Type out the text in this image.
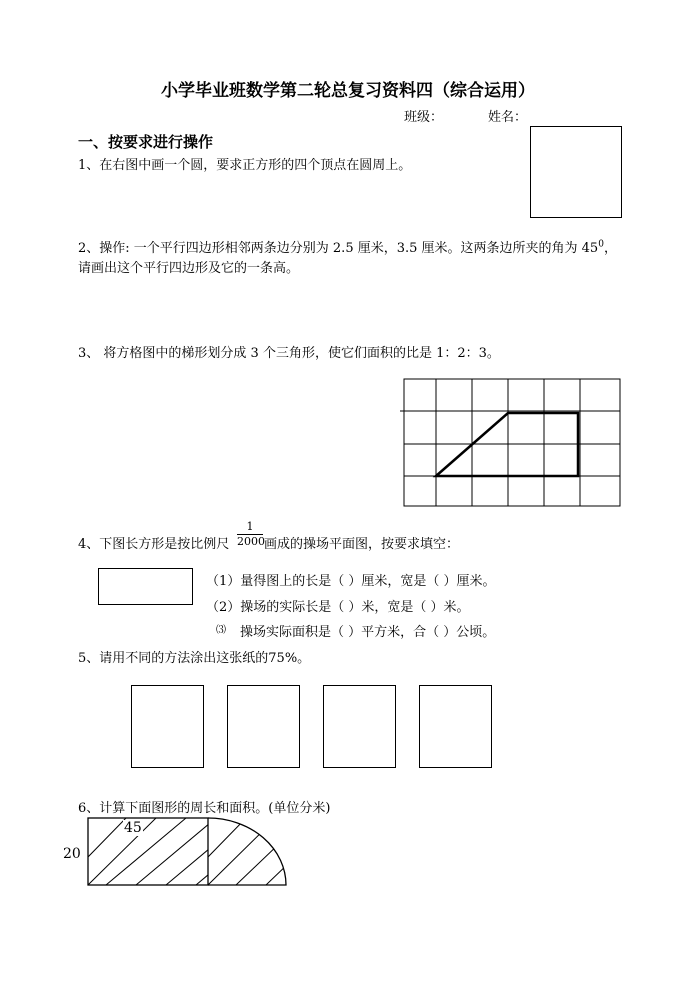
小学毕业班数学第二轮总复习资料四（综合运用）
班级：	姓名：
一、按要求进行操作
1、在右图中画一个圆，要求正方形的四个顶点在圆周上。
2、操作: 一个平行四边形相邻两条边分别为 2.5 厘米，3.5 厘米。这两条边所夹的角为 $45^0$，
请画出这个平行四边形及它的一条高。
3、 将方格图中的梯形划分成 3 个三角形，使它们面积的比是 1：2：3。
4、下图长方形是按比例尺
1
2000 画成的操场平面图，按要求填空：
（1）量得图上的长是（ ）厘米，宽是（ ）厘米。
（2）操场的实际长是（ ）米，宽是（ ）米。
⑶ 操场实际面积是（ ）平方米，合（ ）公顷。
5、请用不同的方法涂出这张纸的75%。
6、计算下面图形的周长和面积。(单位分米)
45
20
